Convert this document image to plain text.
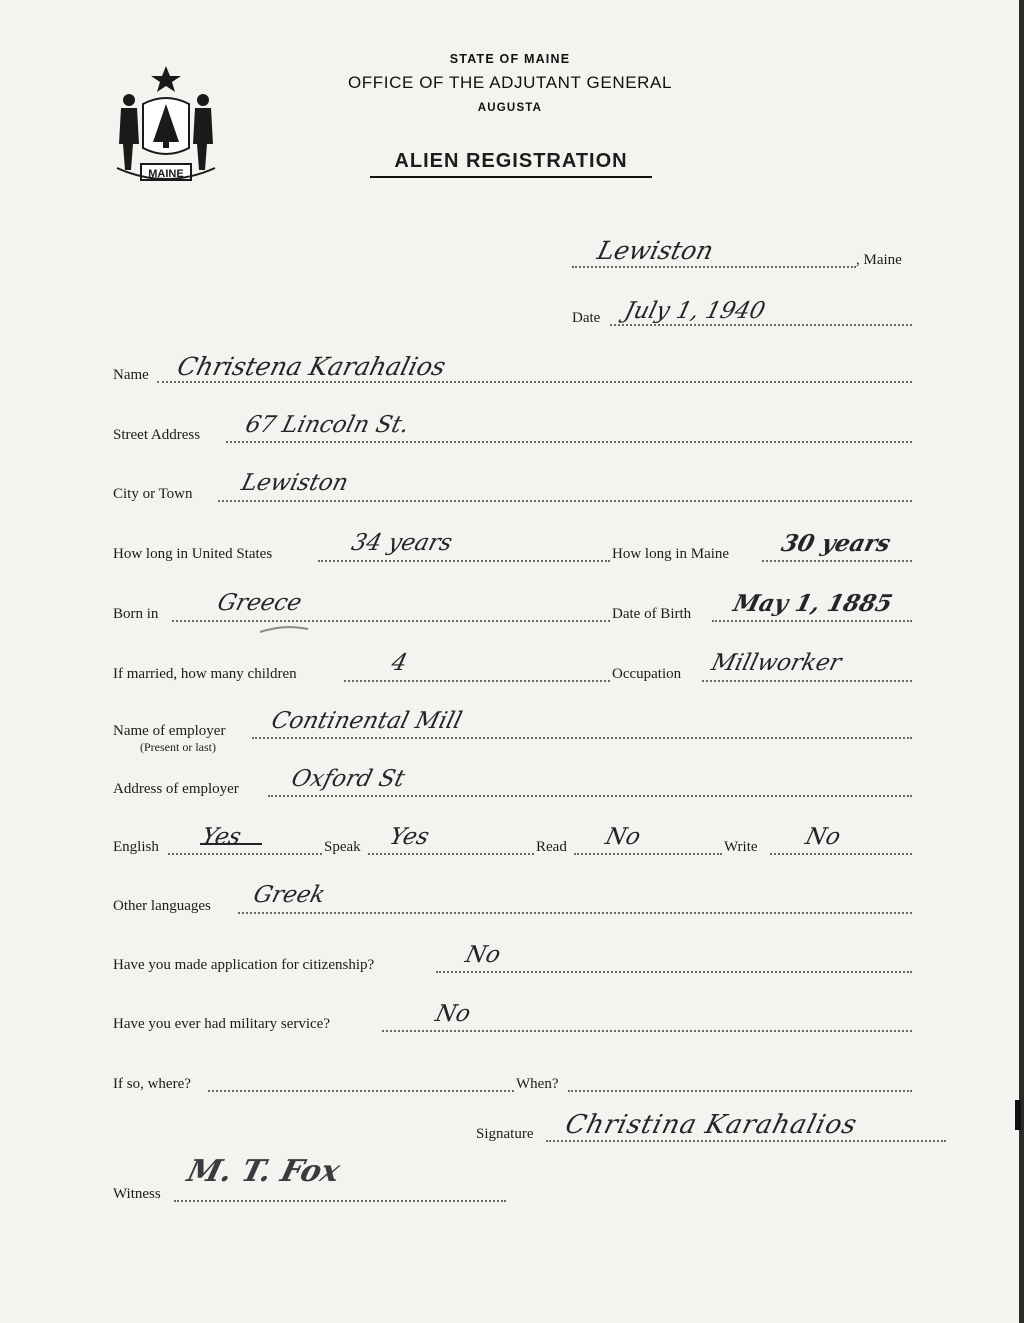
MAINE
STATE OF MAINE
OFFICE OF THE ADJUTANT GENERAL
AUGUSTA
ALIEN REGISTRATION
Lewiston	, Maine
Date July 1, 1940
Name Christena Karahalios
Street Address 67 Lincoln St.
City or Town Lewiston
How long in United States	34 years	How long in Maine 30 years
Born in Greece	Date of Birth May 1, 1885
If married, how many children	4	Occupation Millworker
Name of employer
(Present or last)
Continental Mill
Address of employer Oxford St
English Yes	Speak Yes	Read No	Write No
Other languages Greek
Have you made application for citizenship?	No
Have you ever had military service?	No
If so, where?	When?
Signature Christina Karahalios
Witness
M. T. Fox
